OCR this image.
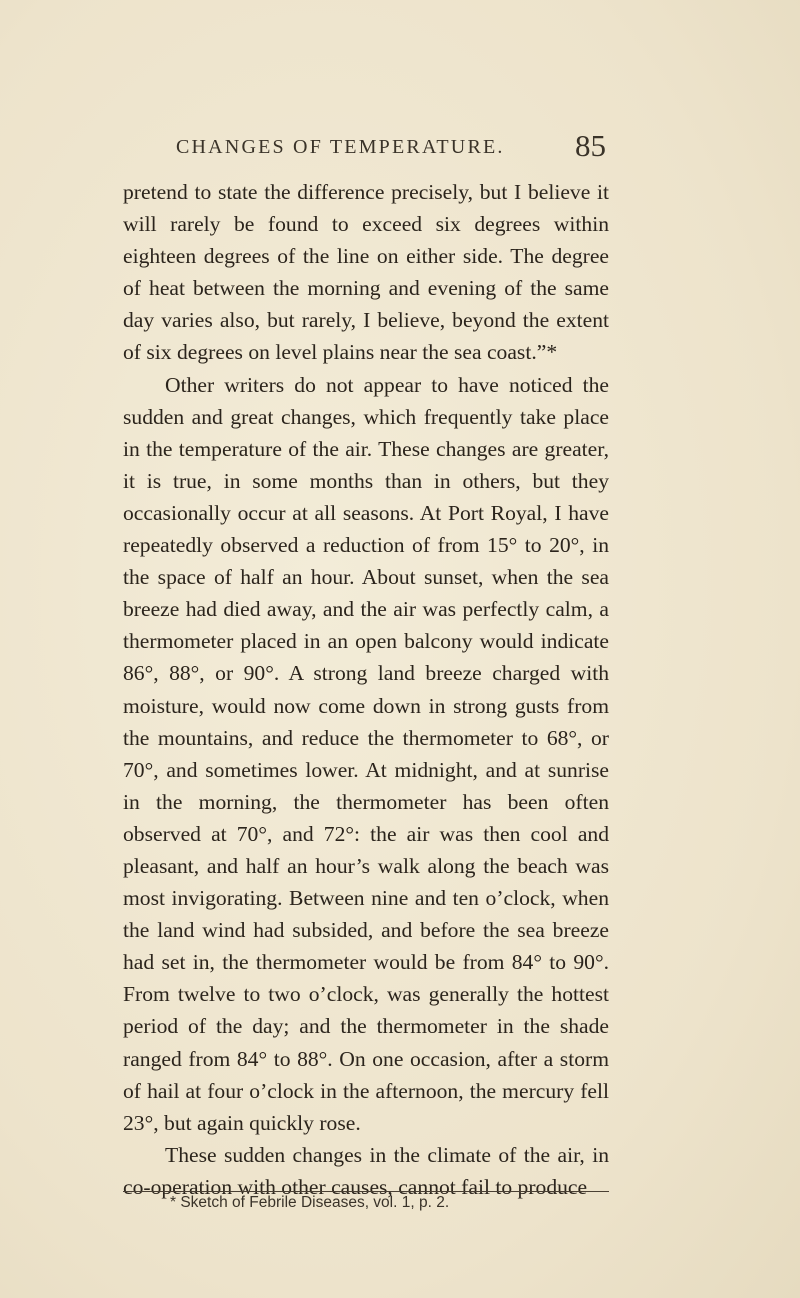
CHANGES OF TEMPERATURE. 85

pretend to state the difference precisely, but I believe it will rarely be found to exceed six degrees within eighteen degrees of the line on either side. The degree of heat between the morning and evening of the same day varies also, but rarely, I believe, beyond the extent of six degrees on level plains near the sea coast.”*

Other writers do not appear to have noticed the sudden and great changes, which frequently take place in the temperature of the air. These changes are greater, it is true, in some months than in others, but they occasionally occur at all seasons. At Port Royal, I have repeatedly observed a reduction of from 15° to 20°, in the space of half an hour. About sunset, when the sea breeze had died away, and the air was perfectly calm, a thermometer placed in an open balcony would indicate 86°, 88°, or 90°. A strong land breeze charged with moisture, would now come down in strong gusts from the mountains, and reduce the thermometer to 68°, or 70°, and sometimes lower. At midnight, and at sunrise in the morning, the thermometer has been often observed at 70°, and 72°: the air was then cool and pleasant, and half an hour’s walk along the beach was most invigorating. Between nine and ten o’clock, when the land wind had subsided, and before the sea breeze had set in, the thermometer would be from 84° to 90°. From twelve to two o’clock, was generally the hottest period of the day; and the thermometer in the shade ranged from 84° to 88°. On one occasion, after a storm of hail at four o’clock in the afternoon, the mercury fell 23°, but again quickly rose.

These sudden changes in the climate of the air, in co-operation with other causes, cannot fail to produce

* Sketch of Febrile Diseases, vol. 1, p. 2.
